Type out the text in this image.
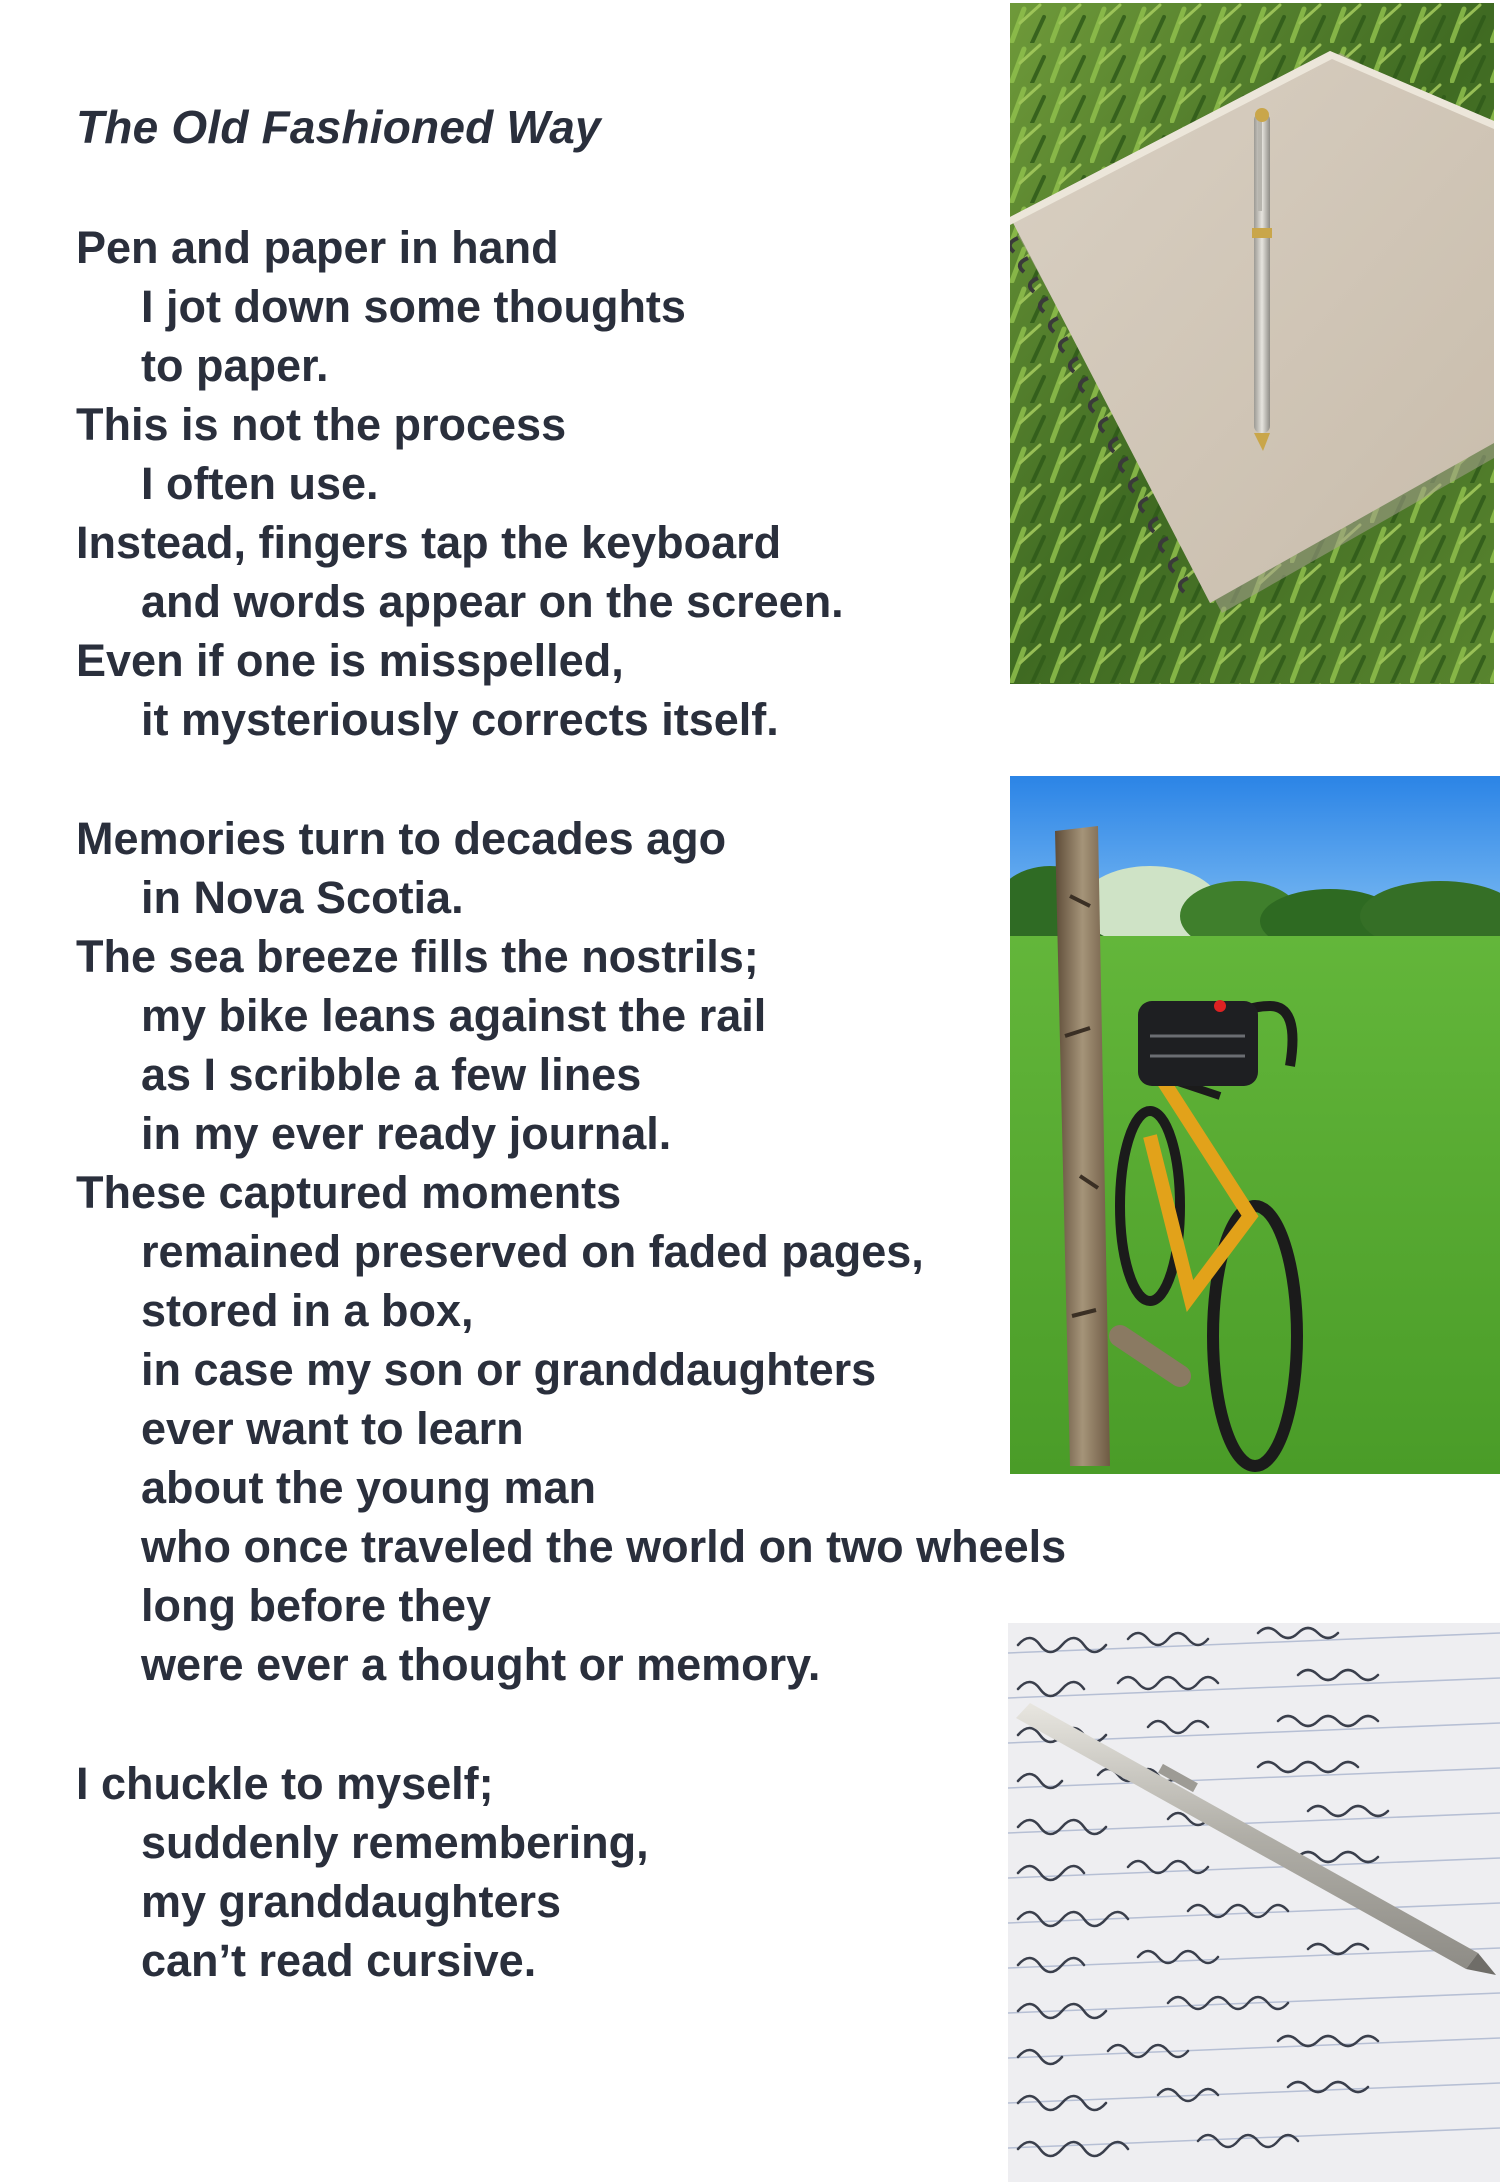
The Old Fashioned Way
Pen and paper in hand
I jot down some thoughts
to paper.
This is not the process
I often use.
Instead, fingers tap the keyboard
and words appear on the screen.
Even if one is misspelled,
it mysteriously corrects itself.
Memories turn to decades ago
in Nova Scotia.
The sea breeze fills the nostrils;
my bike leans against the rail
as I scribble a few lines
in my ever ready journal.
These captured moments
remained preserved on faded pages,
stored in a box,
in case my son or granddaughters
ever want to learn
about the young man
who once traveled the world on two wheels
long before they
were ever a thought or memory.
I chuckle to myself;
suddenly remembering,
my granddaughters
can’t read cursive.
